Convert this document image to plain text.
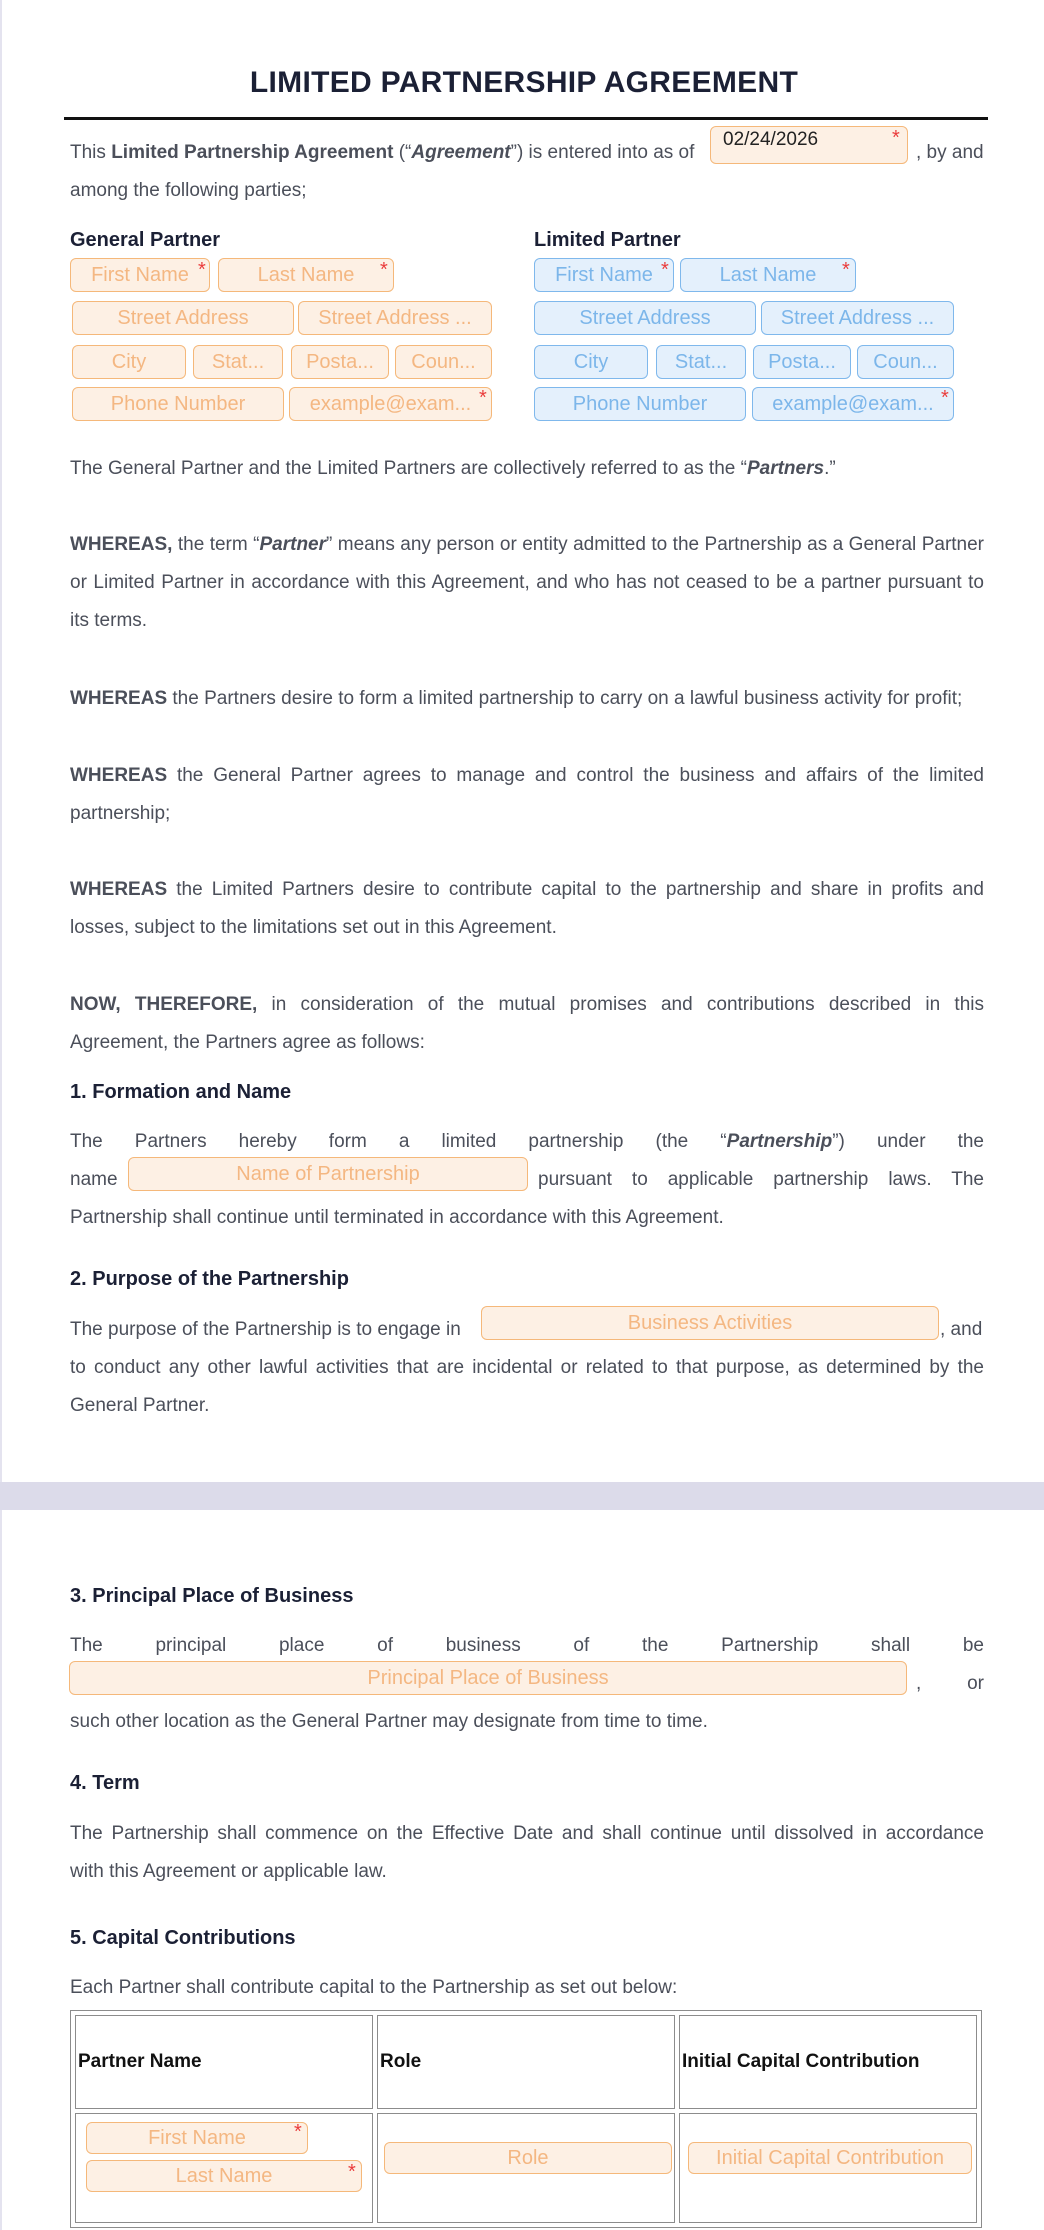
LIMITED PARTNERSHIP AGREEMENT
This Limited Partnership Agreement (“Agreement”) is entered into as of
02/24/2026	*
, by and
among the following parties;
General Partner
First Name *	Last Name	*
Street Address	Street Address ...
City	Stat...	Posta...	Coun...
Phone Number	example@exam... *
Limited Partner
First Name *	Last Name	*
Street Address	Street Address ...
City	Stat...	Posta...	Coun...
Phone Number	example@exam... *
The General Partner and the Limited Partners are collectively referred to as the “Partners.”
WHEREAS, the term “Partner” means any person or entity admitted to the Partnership as a General Partner
or Limited Partner in accordance with this Agreement, and who has not ceased to be a partner pursuant to
its terms.
WHEREAS the Partners desire to form a limited partnership to carry on a lawful business activity for profit;
WHEREAS the General Partner agrees to manage and control the business and affairs of the limited
partnership;
WHEREAS the Limited Partners desire to contribute capital to the partnership and share in profits and
losses, subject to the limitations set out in this Agreement.
NOW, THEREFORE, in consideration of the mutual promises and contributions described in this
Agreement, the Partners agree as follows:
1. Formation and Name
The Partners hereby form a limited partnership (the “Partnership”) under the
name	Name of Partnership	pursuant to applicable partnership laws. The
Partnership shall continue until terminated in accordance with this Agreement.
2. Purpose of the Partnership
The purpose of the Partnership is to engage in	Business Activities	, and
to conduct any other lawful activities that are incidental or related to that purpose, as determined by the
General Partner.
3. Principal Place of Business
The principal place of business of the Partnership shall be
Principal Place of Business	, or
such other location as the General Partner may designate from time to time.
4. Term
The Partnership shall commence on the Effective Date and shall continue until dissolved in accordance
with this Agreement or applicable law.
5. Capital Contributions
Each Partner shall contribute capital to the Partnership as set out below:
Partner Name	Role	Initial Capital Contribution

First Name *
Last Name *	Role	Initial Capital Contribution
